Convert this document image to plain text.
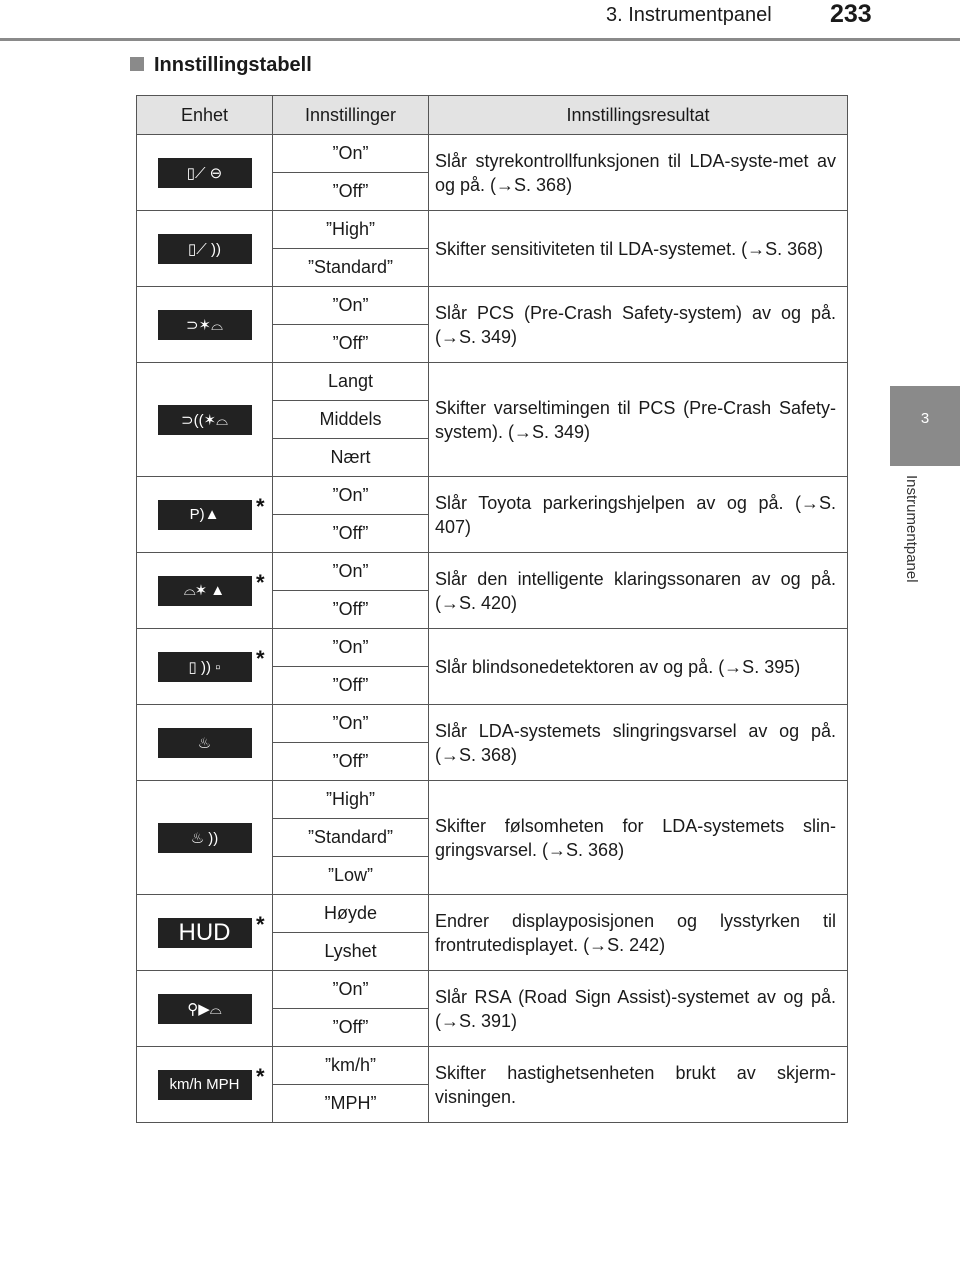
3. Instrumentpanel 233
3
Instrumentpanel
Innstillingstabell
Enhet	Innstillinger	Innstillingsresultat

▯⟋ ⊖	”On”	Slår styrekontrollfunksjonen til LDA-syste-met av og på. (→S. 368)
	”Off”	

▯⟋ ))	”High”	Skifter sensitiviteten til LDA-systemet. (→S. 368)
	”Standard”	

⊃✶⌓	”On”	Slår PCS (Pre-Crash Safety-system) av og på. (→S. 349)
	”Off”	

⊃((✶⌓	Langt	Skifter varseltimingen til PCS (Pre-Crash Safety-system). (→S. 349)
	Middels	
	Nært	

P)▲ *	”On”	Slår Toyota parkeringshjelpen av og på. (→S. 407)
	”Off”	

⌓✶ ▲ *	”On”	Slår den intelligente klaringssonaren av og på. (→S. 420)
	”Off”	

▯ )) ▫ *	”On”	Slår blindsonedetektoren av og på. (→S. 395)
	”Off”	

♨	”On”	Slår LDA-systemets slingringsvarsel av og på. (→S. 368)
	”Off”	

♨ ))	”High”	Skifter følsomheten for LDA-systemets slin-gringsvarsel. (→S. 368)
	”Standard”	
	”Low”	

HUD *	Høyde	Endrer displayposisjonen og lysstyrken til frontrutedisplayet. (→S. 242)
	Lyshet	

⚲▶⌓	”On”	Slår RSA (Road Sign Assist)-systemet av og på. (→S. 391)
	”Off”	

km/h MPH *	”km/h”	Skifter hastighetsenheten brukt av skjerm-visningen.
	”MPH”	
